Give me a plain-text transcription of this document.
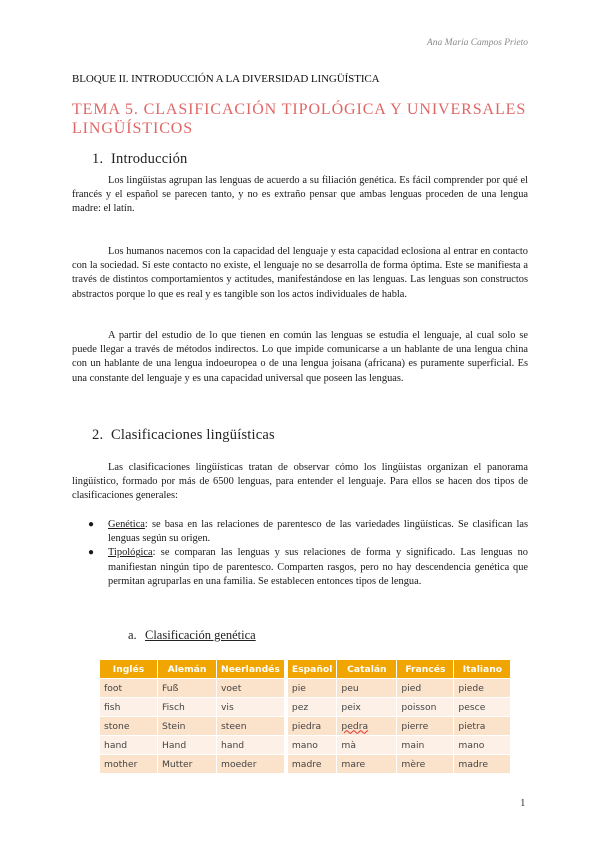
Ana María Campos Prieto
BLOQUE II. INTRODUCCIÓN A LA DIVERSIDAD LINGÜÍSTICA
TEMA 5. CLASIFICACIÓN TIPOLÓGICA Y UNIVERSALES LINGÜÍSTICOS
1. Introducción

Los lingüistas agrupan las lenguas de acuerdo a su filiación genética. Es fácil comprender por qué el francés y el español se parecen tanto, y no es extraño pensar que ambas lenguas proceden de una lengua madre: el latín.

Los humanos nacemos con la capacidad del lenguaje y esta capacidad eclosiona al entrar en contacto con la sociedad. Si este contacto no existe, el lenguaje no se desarrolla de forma óptima. Este se manifiesta a través de distintos comportamientos y actitudes, manifestándose en las lenguas. Las lenguas son constructos abstractos porque lo que es real y es tangible son los actos individuales de habla.

A partir del estudio de lo que tienen en común las lenguas se estudia el lenguaje, al cual solo se puede llegar a través de métodos indirectos. Lo que impide comunicarse a un hablante de una lengua china con un hablante de una lengua indoeuropea o de una lengua joisana (africana) es puramente superficial. Es una constante del lenguaje y es una capacidad universal que poseen las lenguas.

2. Clasificaciones lingüísticas

Las clasificaciones lingüísticas tratan de observar cómo los lingüistas organizan el panorama lingüístico, formado por más de 6500 lenguas, para entender el lenguaje. Para ellos se hacen dos tipos de clasificaciones generales:

● Genética: se basa en las relaciones de parentesco de las variedades lingüísticas. Se clasifican las lenguas según su origen.
● Tipológica: se comparan las lenguas y sus relaciones de forma y significado. Las lenguas no manifiestan ningún tipo de parentesco. Comparten rasgos, pero no hay descendencia genética que permitan agruparlas en una familia. Se establecen entonces tipos de lengua.
a. Clasificación genética
Inglés	Alemán	Neerlandés		Español	Catalán	Francés	Italiano
foot	Fuß	voet		pie	peu	pied	piede
fish	Fisch	vis		pez	peix	poisson	pesce
stone	Stein	steen		piedra	pedra	pierre	pietra
hand	Hand	hand		mano	mà	main	mano
mother	Mutter	moeder		madre	mare	mère	madre
1
